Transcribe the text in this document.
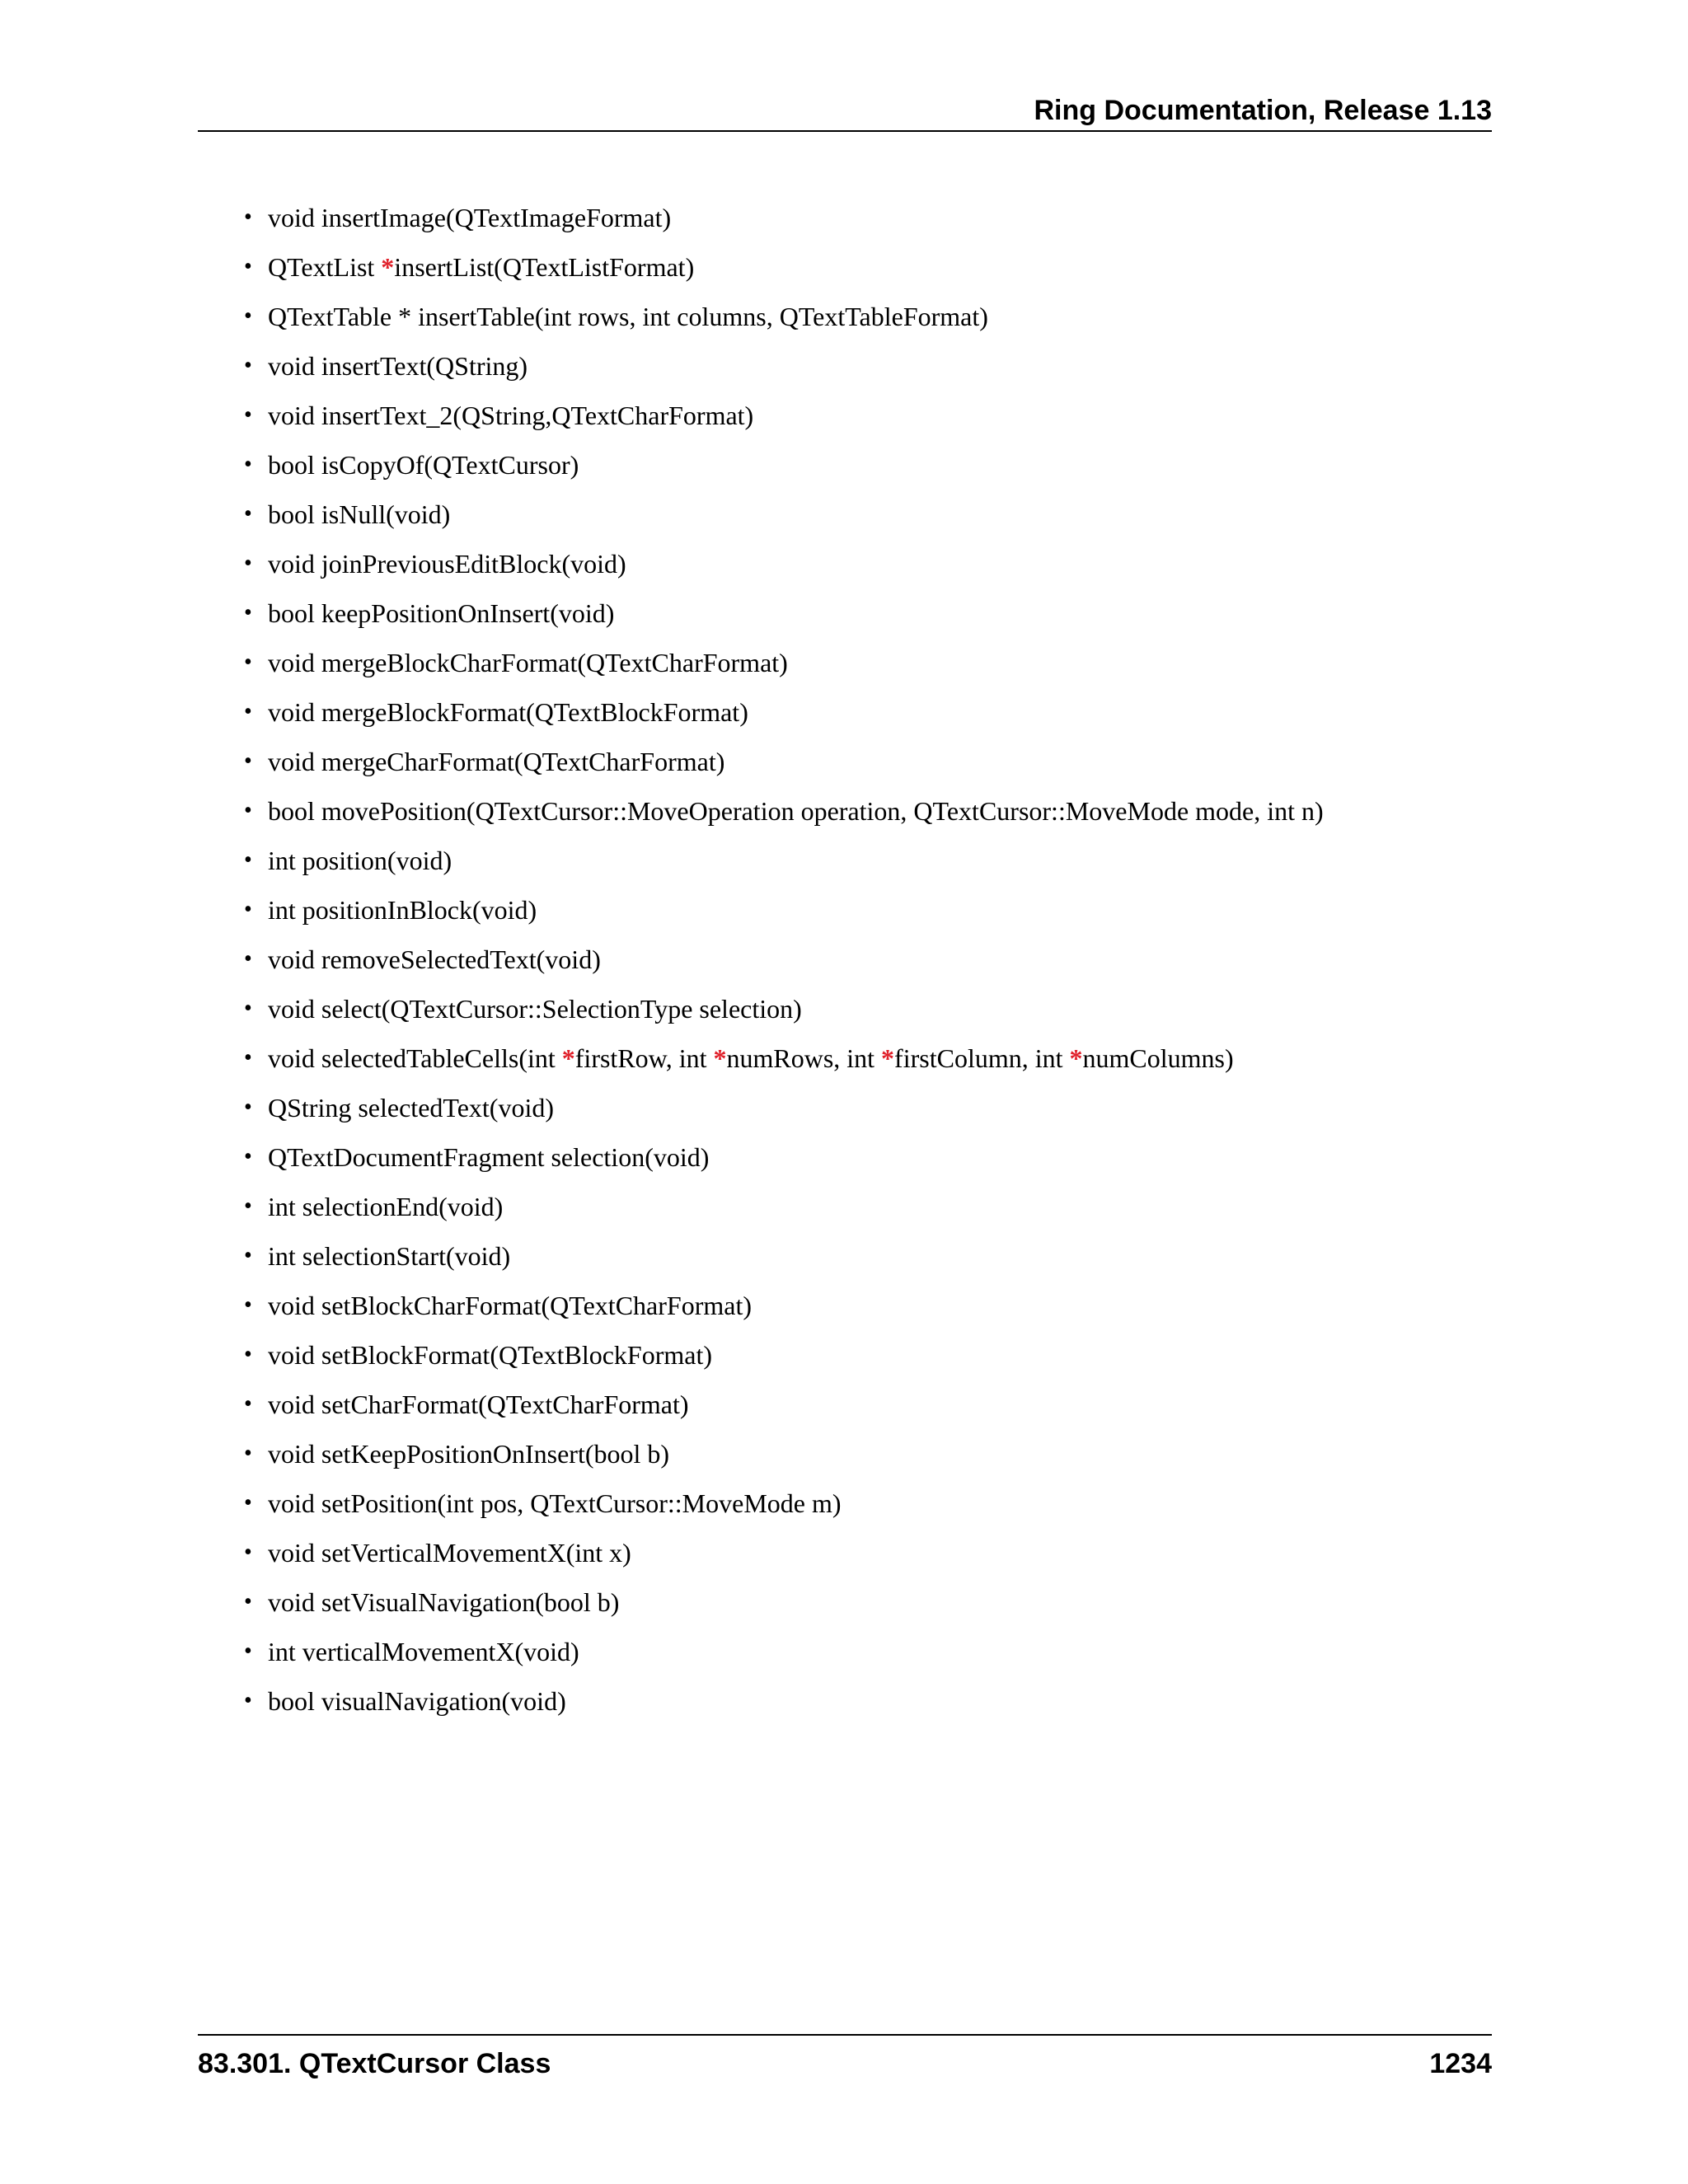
Ring Documentation, Release 1.13
• void insertImage(QTextImageFormat)
• QTextList *insertList(QTextListFormat)
• QTextTable * insertTable(int rows, int columns, QTextTableFormat)
• void insertText(QString)
• void insertText_2(QString,QTextCharFormat)
• bool isCopyOf(QTextCursor)
• bool isNull(void)
• void joinPreviousEditBlock(void)
• bool keepPositionOnInsert(void)
• void mergeBlockCharFormat(QTextCharFormat)
• void mergeBlockFormat(QTextBlockFormat)
• void mergeCharFormat(QTextCharFormat)
• bool movePosition(QTextCursor::MoveOperation operation, QTextCursor::MoveMode mode, int n)
• int position(void)
• int positionInBlock(void)
• void removeSelectedText(void)
• void select(QTextCursor::SelectionType selection)
• void selectedTableCells(int *firstRow, int *numRows, int *firstColumn, int *numColumns)
• QString selectedText(void)
• QTextDocumentFragment selection(void)
• int selectionEnd(void)
• int selectionStart(void)
• void setBlockCharFormat(QTextCharFormat)
• void setBlockFormat(QTextBlockFormat)
• void setCharFormat(QTextCharFormat)
• void setKeepPositionOnInsert(bool b)
• void setPosition(int pos, QTextCursor::MoveMode m)
• void setVerticalMovementX(int x)
• void setVisualNavigation(bool b)
• int verticalMovementX(void)
• bool visualNavigation(void)
83.301. QTextCursor Class	1234
